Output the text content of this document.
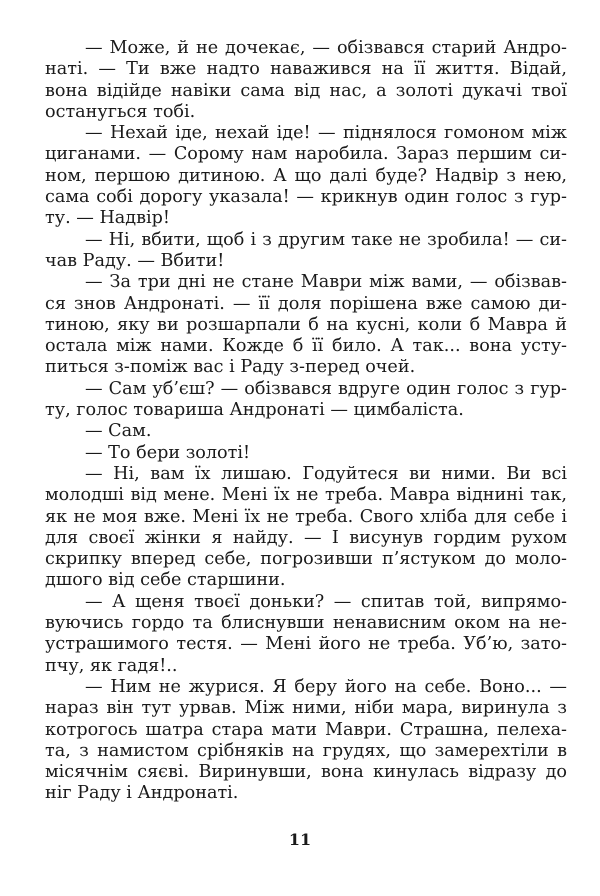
— Може, й не дочекає, — обізвався старий Андро-
наті. — Ти вже надто наважився на її життя. Відай,
вона відійде навіки сама від нас, а золоті дукачі твої
останугься тобі.
— Нехай іде, нехай іде! — піднялося гомоном між
циганами. — Сорому нам наробила. Зараз першим си-
ном, першою дитиною. А що далі буде? Надвір з нею,
сама собі дорогу указала! — крикнув один голос з гур-
ту. — Надвір!
— Ні, вбити, щоб і з другим таке не зробила! — си-
чав Раду. — Вбити!
— За три дні не стане Маври між вами, — обізвав-
ся знов Андронаті. — її доля порішена вже самою ди-
тиною, яку ви розшарпали б на кусні, коли б Мавра й
остала між нами. Кожде б її било. А так... вона усту-
питься з-поміж вас і Раду з-перед очей.
— Сам уб’єш? — обізвався вдруге один голос з гур-
ту, голос товариша Андронаті — цимбаліста.
— Сам.
— То бери золоті!
— Ні, вам їх лишаю. Годуйтеся ви ними. Ви всі
молодші від мене. Мені їх не треба. Мавра віднині так,
як не моя вже. Мені їх не треба. Свого хліба для себе і
для своєї жінки я найду. — І висунув гордим рухом
скрипку вперед себе, погрозивши п’ястуком до моло-
дшого від себе старшини.
— А щеня твоєї доньки? — спитав той, випрямо-
вуючись гордо та блиснувши ненависним оком на не-
устрашимого тестя. — Мені його не треба. Уб’ю, зато-
пчу, як гадя!..
— Ним не журися. Я беру його на себе. Воно... —
нараз він тут урвав. Між ними, ніби мара, виринула з
котрогось шатра стара мати Маври. Страшна, пелеха-
та, з намистом срібняків на грудях, що замерехтіли в
місячнім сяєві. Виринувши, вона кинулась відразу до
ніг Раду і Андронаті.
11
